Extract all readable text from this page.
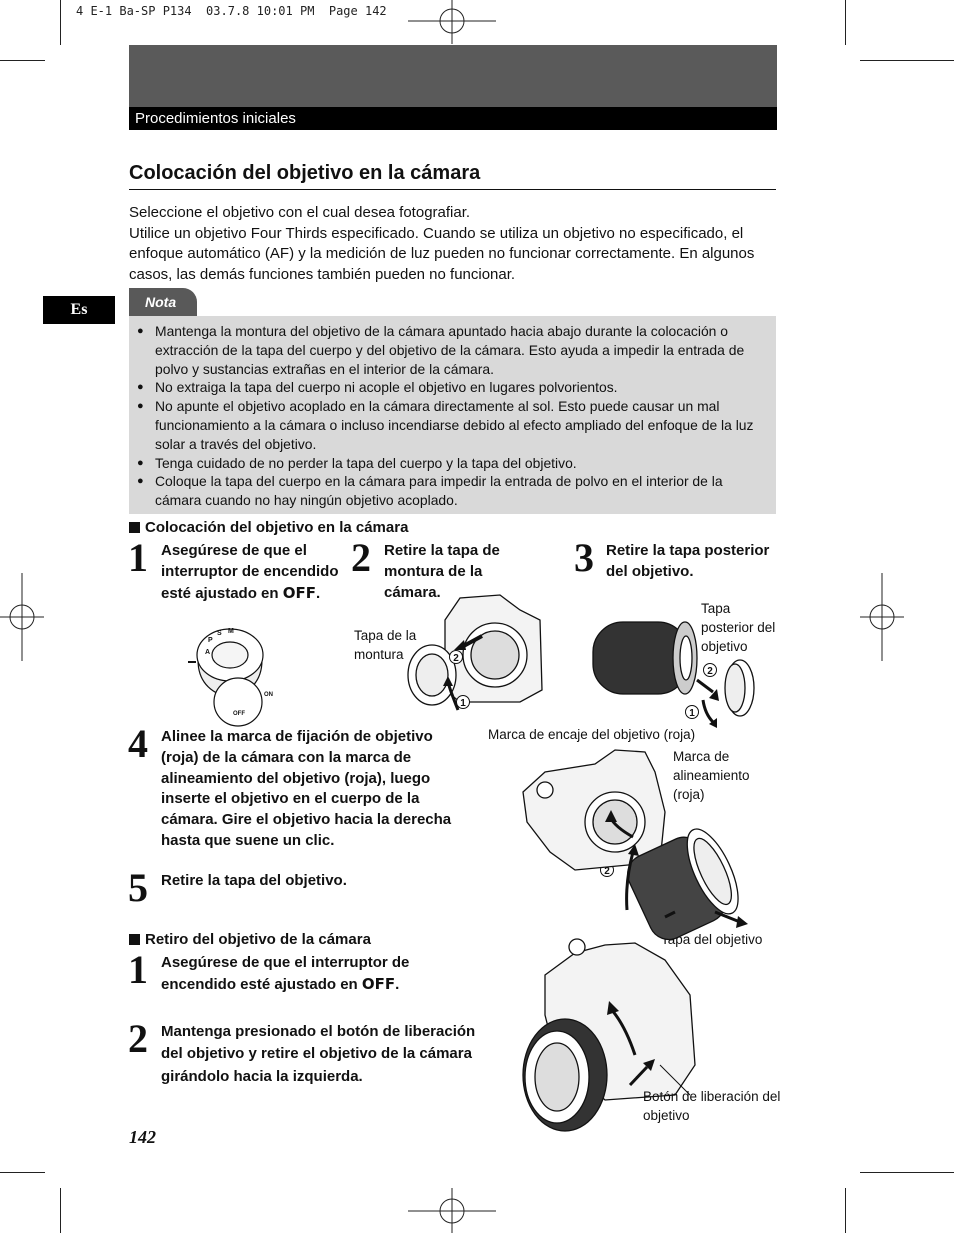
4 E-1 Ba-SP P134  03.7.8 10:01 PM  Page 142
Procedimientos iniciales
Colocación del objetivo en la cámara
Seleccione el objetivo con el cual desea fotografiar.
Utilice un objetivo Four Thirds especificado. Cuando se utiliza un objetivo no especificado, el enfoque automático (AF) y la medición de luz pueden no funcionar correctamente. En algunos casos, las demás funciones también pueden no funcionar.
Es	Nota
● Mantenga la montura del objetivo de la cámara apuntado hacia abajo durante la colocación o extracción de la tapa del cuerpo y del objetivo de la cámara. Esto ayuda a impedir la entrada de polvo y sustancias extrañas en el interior de la cámara.
● No extraiga la tapa del cuerpo ni acople el objetivo en lugares polvorientos.
● No apunte el objetivo acoplado en la cámara directamente al sol. Esto puede causar un mal funcionamiento a la cámara o incluso incendiarse debido al efecto ampliado del enfoque de la luz solar a través del objetivo.
● Tenga cuidado de no perder la tapa del cuerpo y la tapa del objetivo.
● Coloque la tapa del cuerpo en la cámara para impedir la entrada de polvo en el interior de la cámara cuando no hay ningún objetivo acoplado.
Colocación del objetivo en la cámara
1 Asegúrese de que el interruptor de encendido esté ajustado en OFF.
2 Retire la tapa de montura de la cámara.
3 Retire la tapa posterior del objetivo.
P
A
S M
OFF
ON
Tapa de la montura
Tapa posterior del objetivo
2
1
2
1
2
4 Alinee la marca de fijación de objetivo (roja) de la cámara con la marca de alineamiento del objetivo (roja), luego inserte el objetivo en el cuerpo de la cámara. Gire el objetivo hacia la derecha hasta que suene un clic.
5 Retire la tapa del objetivo.
Marca de encaje del objetivo (roja)
Marca de alineamiento (roja)
Tapa del objetivo
Retiro del objetivo de la cámara
1 Asegúrese de que el interruptor de encendido esté ajustado en OFF.
2 Mantenga presionado el botón de liberación del objetivo y retire el objetivo de la cámara girándolo hacia la izquierda.
Botón de liberación del objetivo
142
